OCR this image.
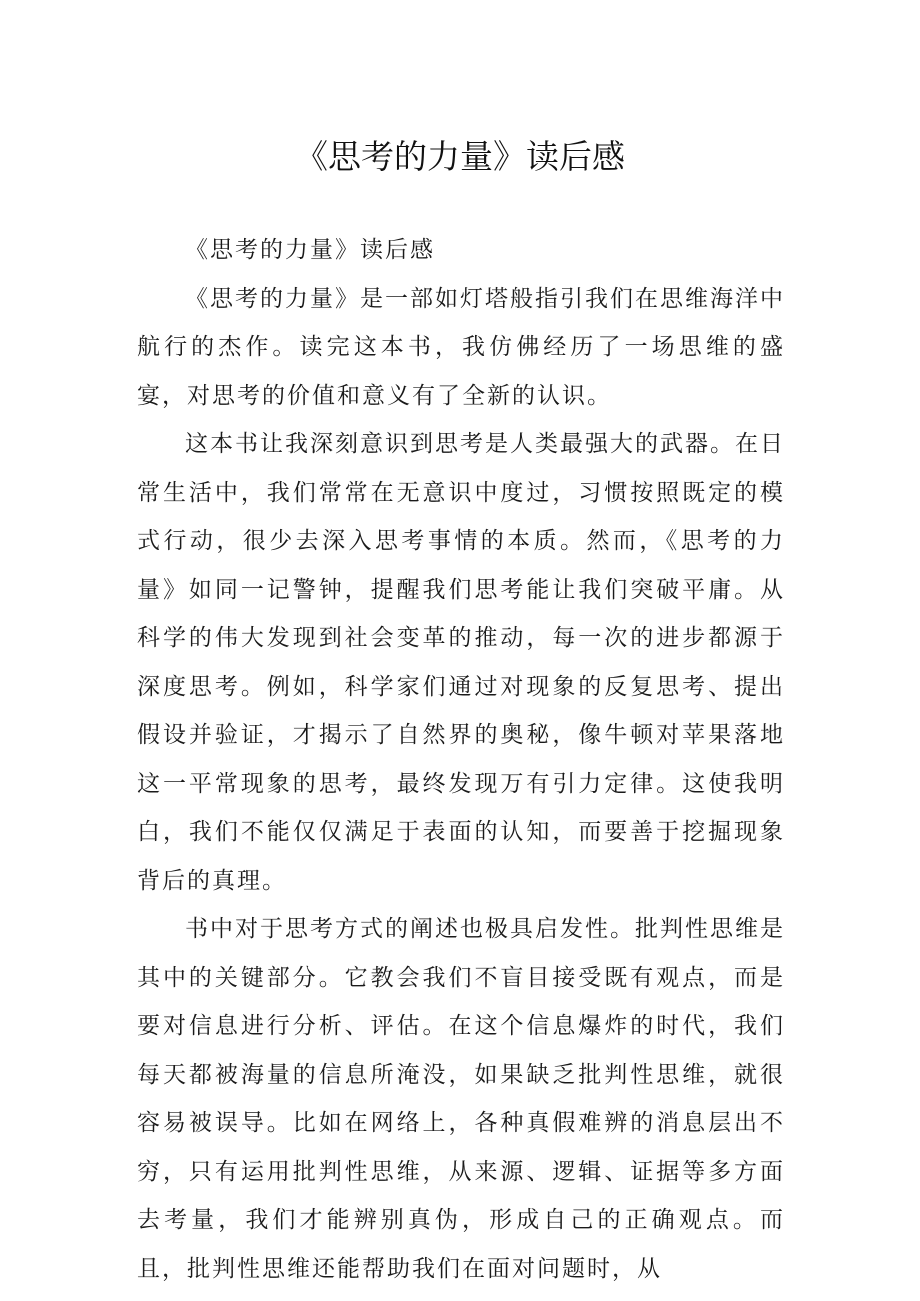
《思考的力量》读后感

《思考的力量》读后感

《思考的力量》是一部如灯塔般指引我们在思维海洋中航行的杰作。读完这本书，我仿佛经历了一场思维的盛宴，对思考的价值和意义有了全新的认识。

这本书让我深刻意识到思考是人类最强大的武器。在日常生活中，我们常常在无意识中度过，习惯按照既定的模式行动，很少去深入思考事情的本质。然而，《思考的力量》如同一记警钟，提醒我们思考能让我们突破平庸。从科学的伟大发现到社会变革的推动，每一次的进步都源于深度思考。例如，科学家们通过对现象的反复思考、提出假设并验证，才揭示了自然界的奥秘，像牛顿对苹果落地这一平常现象的思考，最终发现万有引力定律。这使我明白，我们不能仅仅满足于表面的认知，而要善于挖掘现象背后的真理。

书中对于思考方式的阐述也极具启发性。批判性思维是其中的关键部分。它教会我们不盲目接受既有观点，而是要对信息进行分析、评估。在这个信息爆炸的时代，我们每天都被海量的信息所淹没，如果缺乏批判性思维，就很容易被误导。比如在网络上，各种真假难辨的消息层出不穷，只有运用批判性思维，从来源、逻辑、证据等多方面去考量，我们才能辨别真伪，形成自己的正确观点。而且，批判性思维还能帮助我们在面对问题时，从
